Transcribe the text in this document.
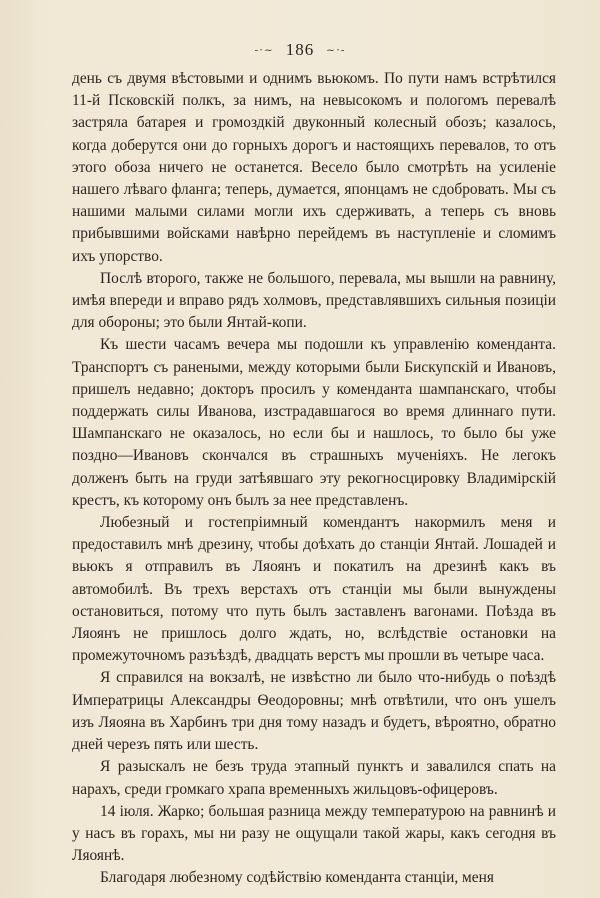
-·~ 186 ~·-

день съ двумя вѣстовыми и однимъ вьюкомъ. По пути намъ встрѣтился 11-й Псковскій полкъ, за нимъ, на невысокомъ и пологомъ перевалѣ застряла батарея и громоздкій двуконный колесный обозъ; казалось, когда доберутся они до горныхъ дорогъ и настоящихъ перевалов, то отъ этого обоза ничего не останется. Весело было смотрѣть на усиленіе нашего лѣваго фланга; теперь, думается, японцамъ не сдобровать. Мы съ нашими малыми силами могли ихъ сдерживать, а теперь съ вновь прибывшими войсками навѣрно перейдемъ въ наступленіе и сломимъ ихъ упорство.

Послѣ второго, также не большого, перевала, мы вышли на равнину, имѣя впереди и вправо рядъ холмовъ, представлявшихъ сильныя позиціи для обороны; это были Янтай-копи.

Къ шести часамъ вечера мы подошли къ управленію коменданта. Транспортъ съ ранеными, между которыми были Бискупскій и Ивановъ, пришелъ недавно; докторъ просилъ у коменданта шампанскаго, чтобы поддержать силы Иванова, изстрадавшагося во время длиннаго пути. Шампанскаго не оказалось, но если бы и нашлось, то было бы уже поздно—Ивановъ скончался въ страшныхъ мученіяхъ. Не легокъ долженъ быть на груди затѣявшаго эту рекогносцировку Владимірскій крестъ, къ которому онъ былъ за нее представленъ.

Любезный и гостепріимный комендантъ накормилъ меня и предоставилъ мнѣ дрезину, чтобы доѣхать до станціи Янтай. Лошадей и вьюкъ я отправилъ въ Ляоянъ и покатилъ на дрезинѣ какъ въ автомобилѣ. Въ трехъ верстахъ отъ станціи мы были вынуждены остановиться, потому что путь былъ заставленъ вагонами. Поѣзда въ Ляоянъ не пришлось долго ждать, но, вслѣдствіе остановки на промежуточномъ разъѣздѣ, двадцать верстъ мы прошли въ четыре часа.

Я справился на вокзалѣ, не извѣстно ли было что-нибудь о поѣздѣ Императрицы Александры Ѳеодоровны; мнѣ отвѣтили, что онъ ушелъ изъ Ляояна въ Харбинъ три дня тому назадъ и будетъ, вѣроятно, обратно дней черезъ пять или шесть.

Я разыскалъ не безъ труда этапный пунктъ и завалился спать на нарахъ, среди громкаго храпа временныхъ жильцовъ-офицеровъ.

14 іюля. Жарко; большая разница между температурою на равнинѣ и у насъ въ горахъ, мы ни разу не ощущали такой жары, какъ сегодня въ Ляоянѣ.

Благодаря любезному содѣйствію коменданта станціи, меня
